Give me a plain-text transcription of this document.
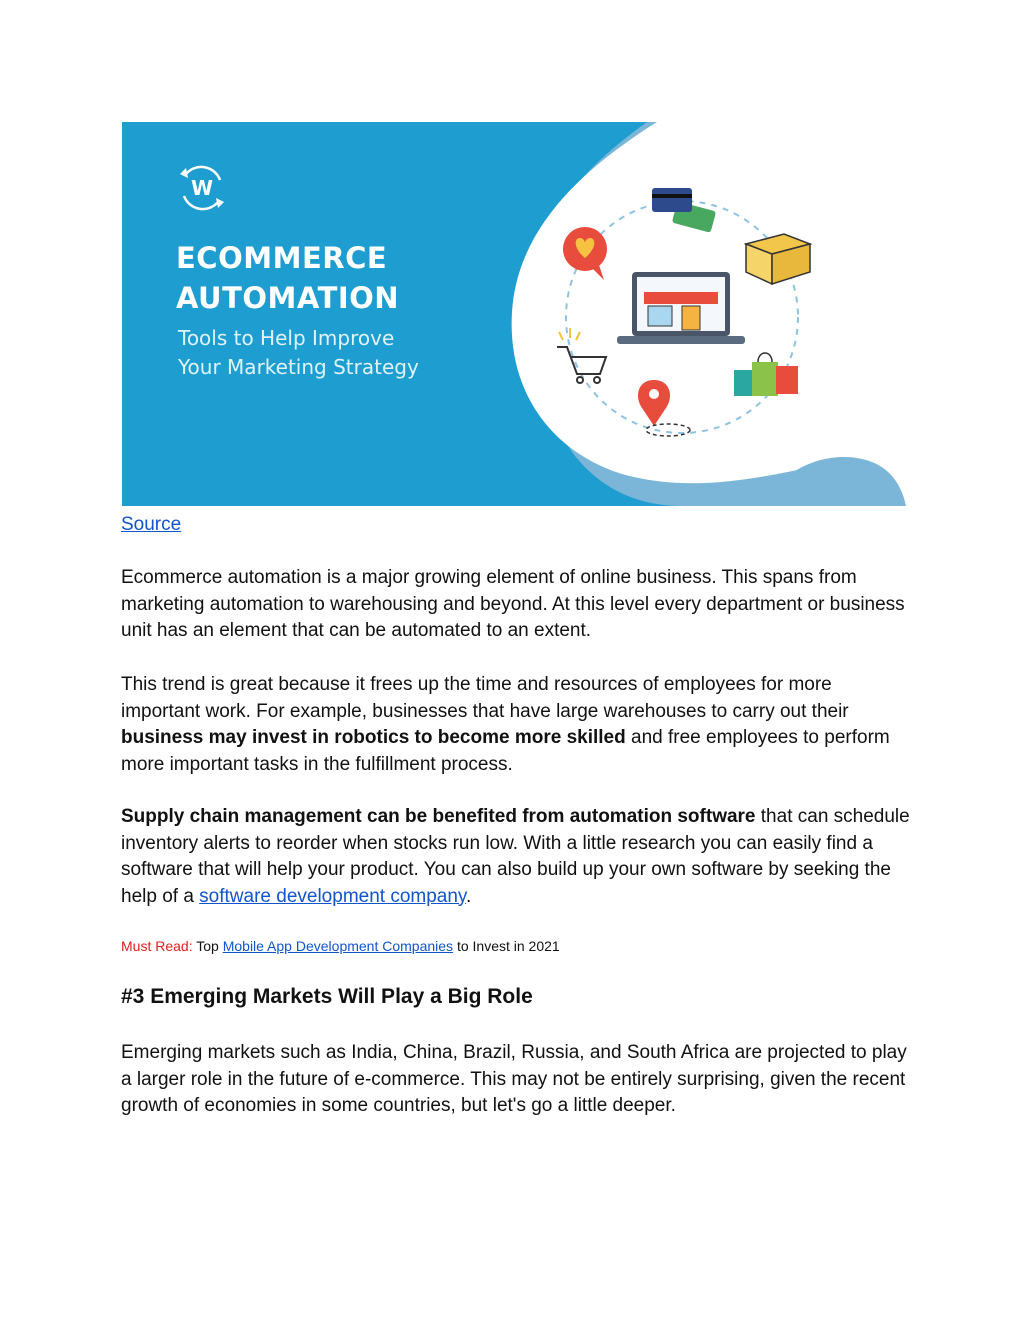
W
ECOMMERCE
AUTOMATION
Tools to Help Improve
Your Marketing Strategy
Source

Ecommerce automation is a major growing element of online business. This spans from marketing automation to warehousing and beyond. At this level every department or business unit has an element that can be automated to an extent.

This trend is great because it frees up the time and resources of employees for more important work. For example, businesses that have large warehouses to carry out their business may invest in robotics to become more skilled and free employees to perform more important tasks in the fulfillment process.

Supply chain management can be benefited from automation software that can schedule inventory alerts to reorder when stocks run low. With a little research you can easily find a software that will help your product. You can also build up your own software by seeking the help of a software development company.

Must Read: Top Mobile App Development Companies to Invest in 2021
#3 Emerging Markets Will Play a Big Role

Emerging markets such as India, China, Brazil, Russia, and South Africa are projected to play a larger role in the future of e-commerce. This may not be entirely surprising, given the recent growth of economies in some countries, but let's go a little deeper.
